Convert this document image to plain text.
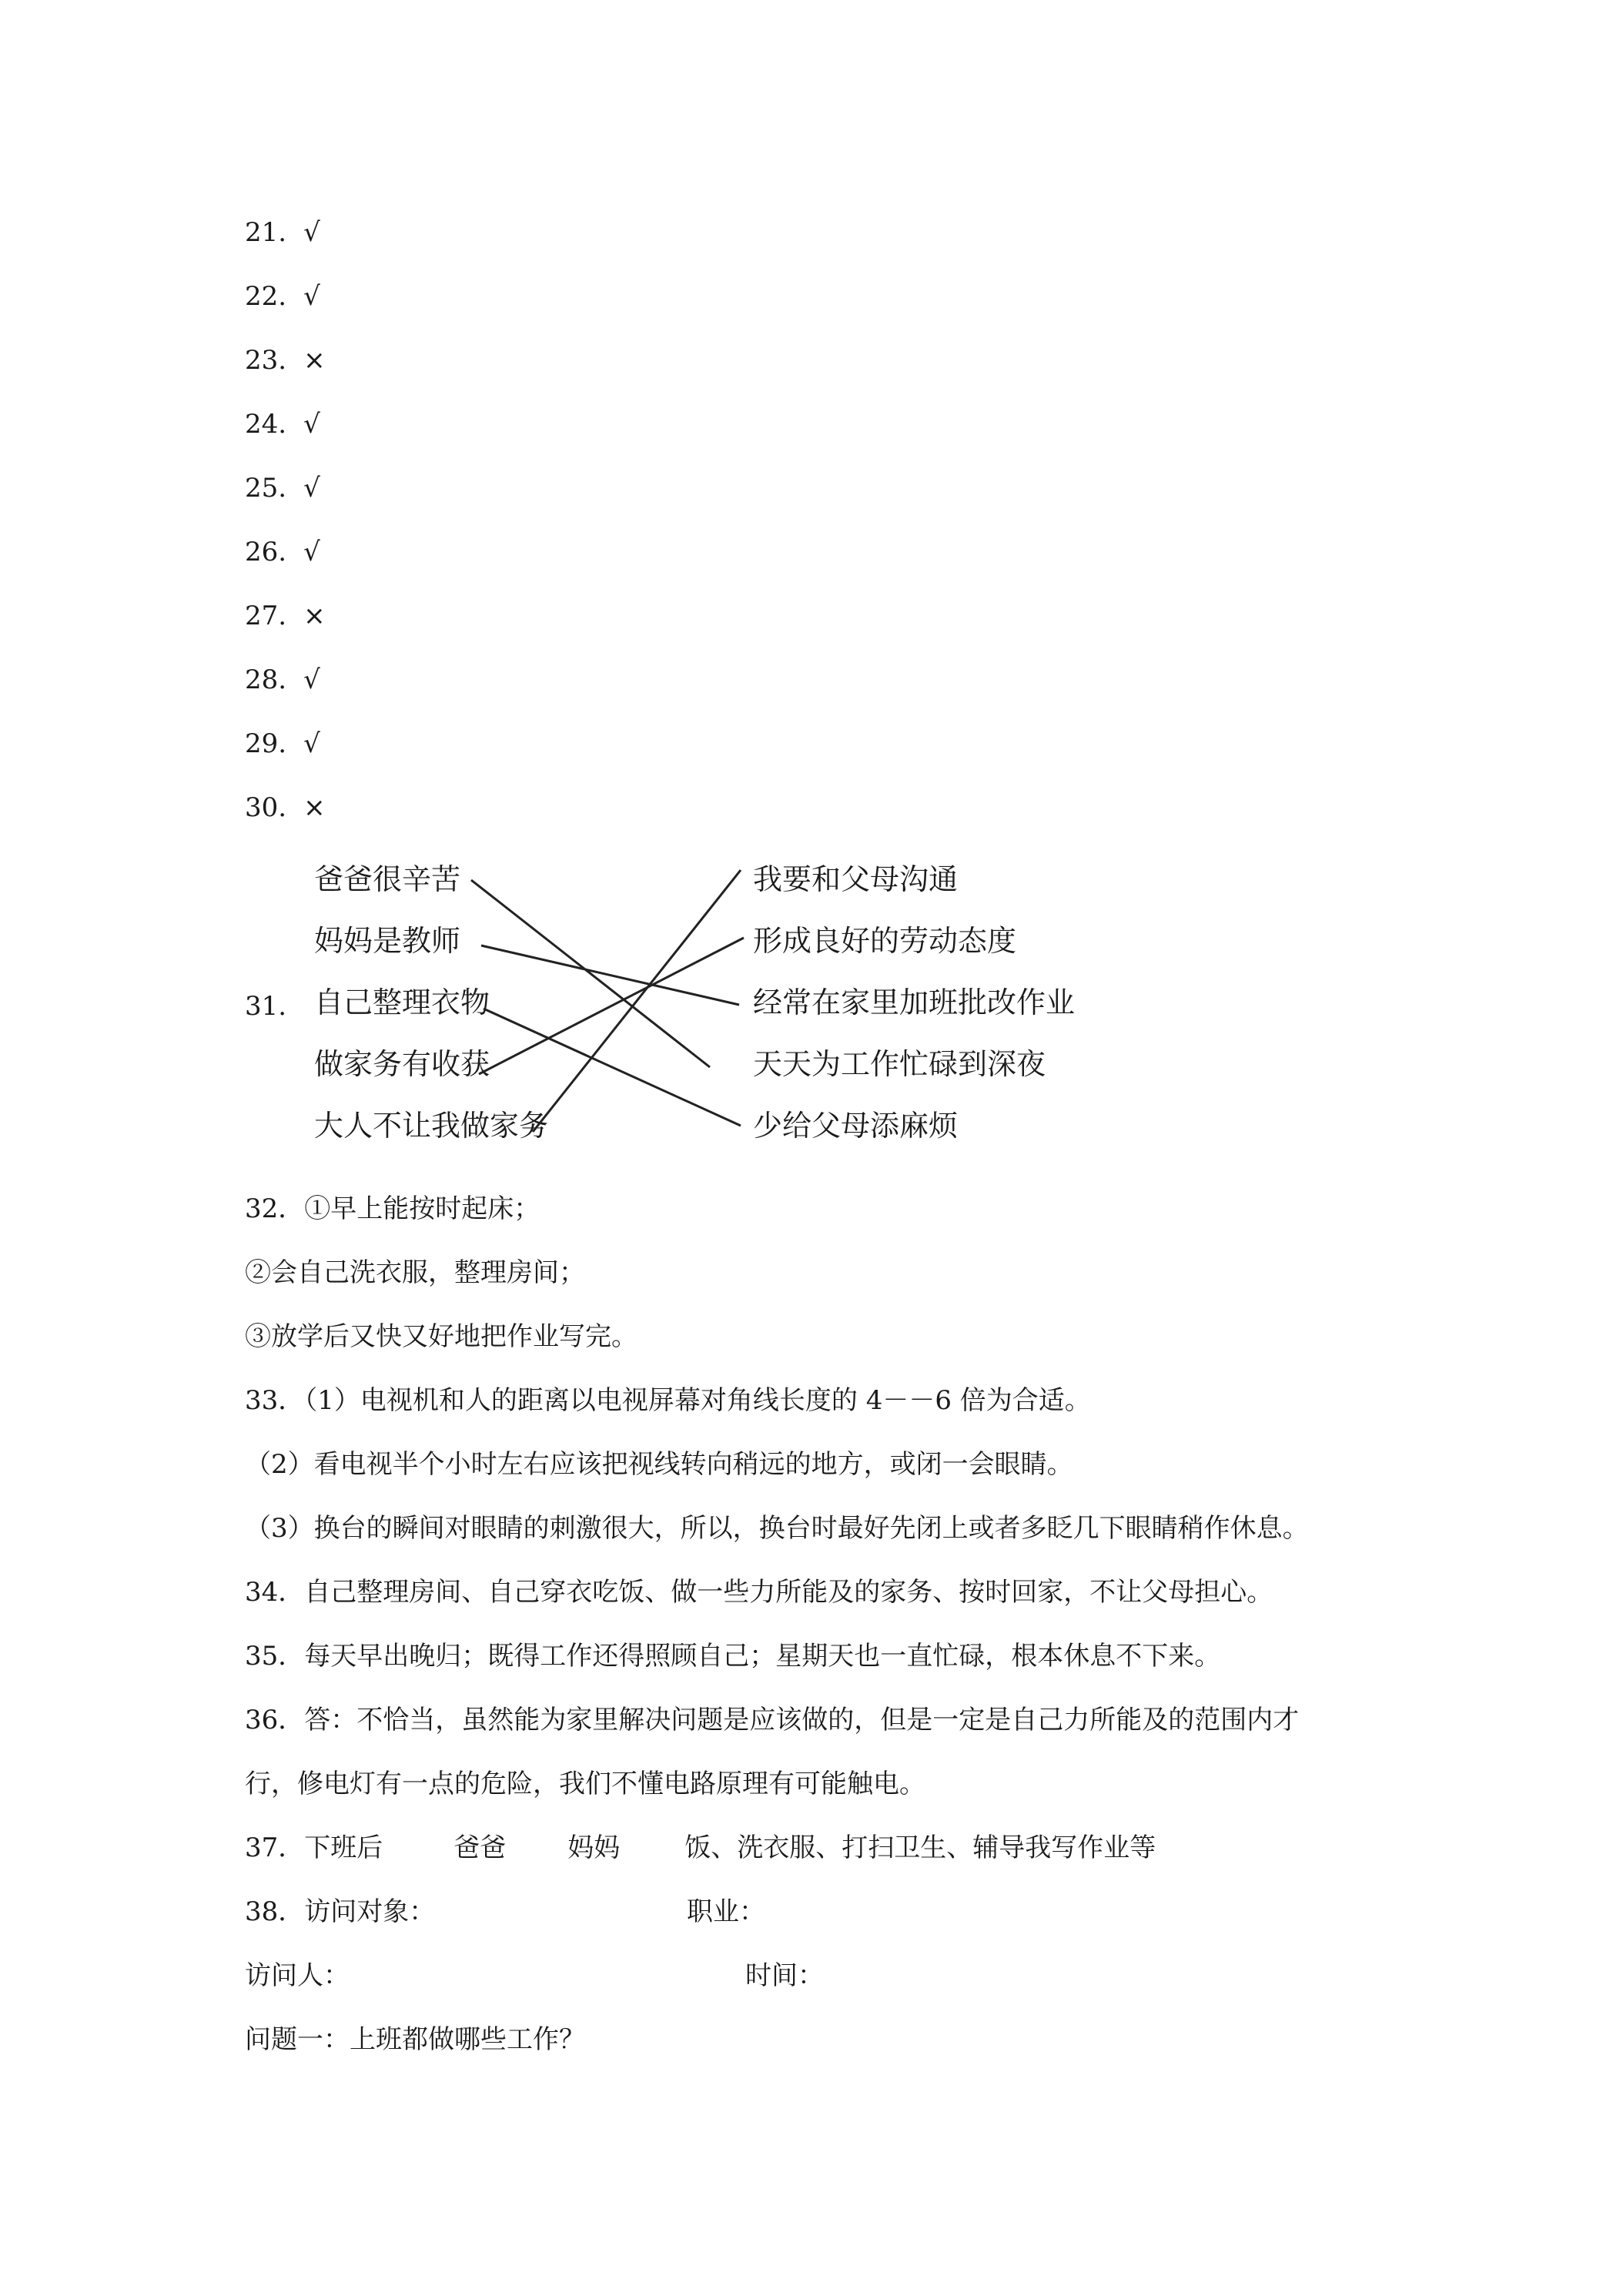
21. √
22. √
23. ×
24. √
25. √
26. √
27. ×
28. √
29. √
30. ×
31.
爸爸很辛苦
妈妈是教师
自己整理衣物
做家务有收获
大人不让我做家务
我要和父母沟通
形成良好的劳动态度
经常在家里加班批改作业
天天为工作忙碌到深夜
少给父母添麻烦
32．①早上能按时起床；
②会自己洗衣服，整理房间；
③放学后又快又好地把作业写完。
33．（1）电视机和人的距离以电视屏幕对角线长度的 4－－6 倍为合适。
（2）看电视半个小时左右应该把视线转向稍远的地方，或闭一会眼睛。
（3）换台的瞬间对眼睛的刺激很大，所以，换台时最好先闭上或者多眨几下眼睛稍作休息。
34．自己整理房间、自己穿衣吃饭、做一些力所能及的家务、按时回家，不让父母担心。
35．每天早出晚归；既得工作还得照顾自己；星期天也一直忙碌，根本休息不下来。
36．答：不恰当，虽然能为家里解决问题是应该做的，但是一定是自己力所能及的范围内才
行，修电灯有一点的危险，我们不懂电路原理有可能触电。
37．下班后	爸爸 妈妈 饭、洗衣服、打扫卫生、辅导我写作业等
38．访问对象：	职业：
访问人：	时间：
问题一：上班都做哪些工作？
